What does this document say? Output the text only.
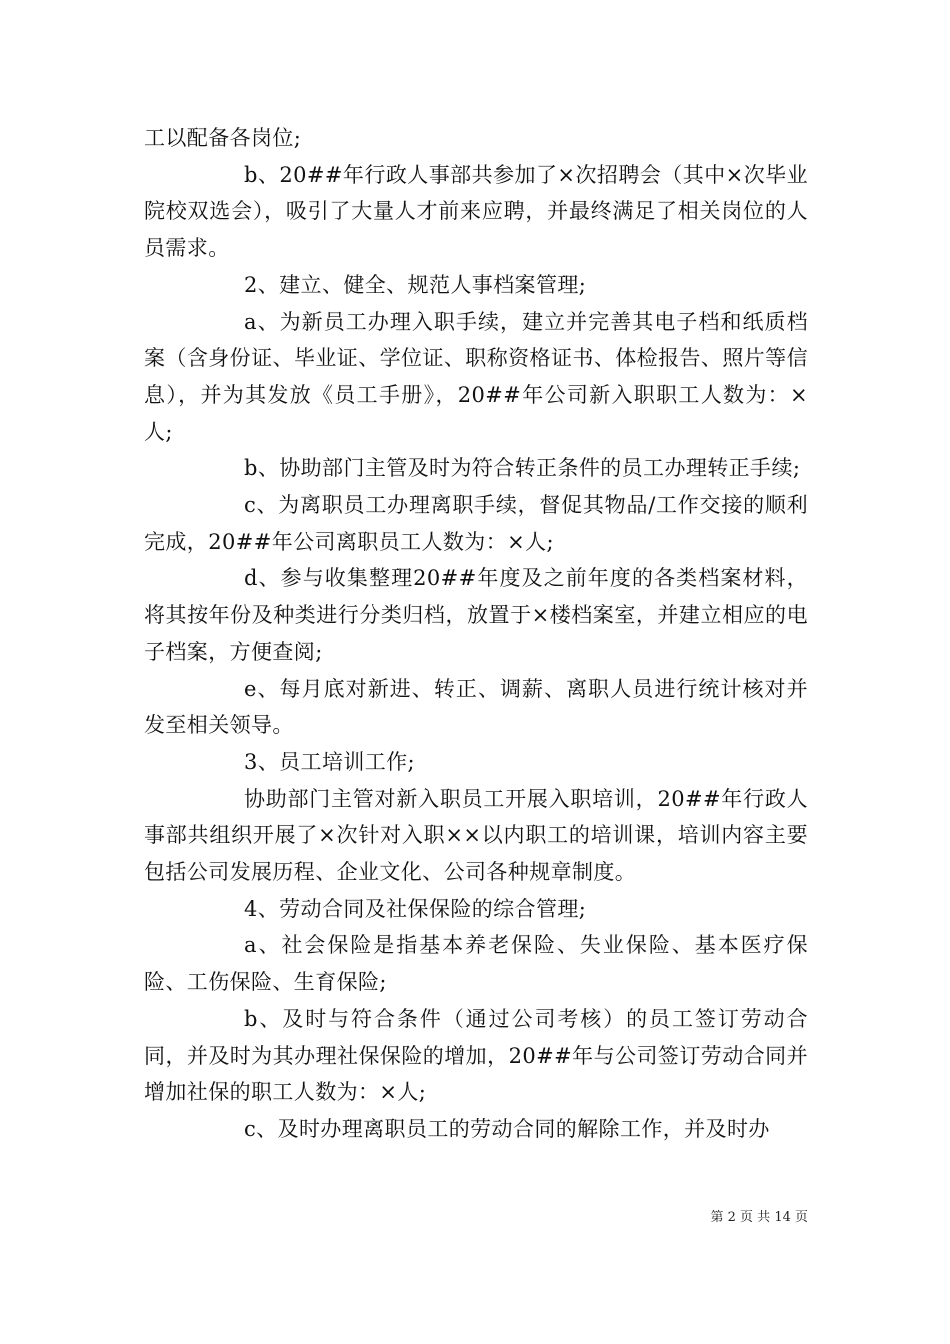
工以配备各岗位;

b、20##年行政人事部共参加了×次招聘会（其中×次毕业院校双选会），吸引了大量人才前来应聘，并最终满足了相关岗位的人员需求。

2、建立、健全、规范人事档案管理;

a、为新员工办理入职手续，建立并完善其电子档和纸质档案（含身份证、毕业证、学位证、职称资格证书、体检报告、照片等信息），并为其发放《员工手册》，20##年公司新入职职工人数为：×人;

b、协助部门主管及时为符合转正条件的员工办理转正手续;

c、为离职员工办理离职手续，督促其物品/工作交接的顺利完成，20##年公司离职员工人数为：×人;

d、参与收集整理20##年度及之前年度的各类档案材料，将其按年份及种类进行分类归档，放置于×楼档案室，并建立相应的电子档案，方便查阅;

e、每月底对新进、转正、调薪、离职人员进行统计核对并发至相关领导。

3、员工培训工作;

协助部门主管对新入职员工开展入职培训，20##年行政人事部共组织开展了×次针对入职××以内职工的培训课，培训内容主要包括公司发展历程、企业文化、公司各种规章制度。

4、劳动合同及社保保险的综合管理;

a、社会保险是指基本养老保险、失业保险、基本医疗保险、工伤保险、生育保险;

b、及时与符合条件（通过公司考核）的员工签订劳动合同，并及时为其办理社保保险的增加，20##年与公司签订劳动合同并增加社保的职工人数为：×人;

c、及时办理离职员工的劳动合同的解除工作，并及时办

第 2 页 共 14 页
